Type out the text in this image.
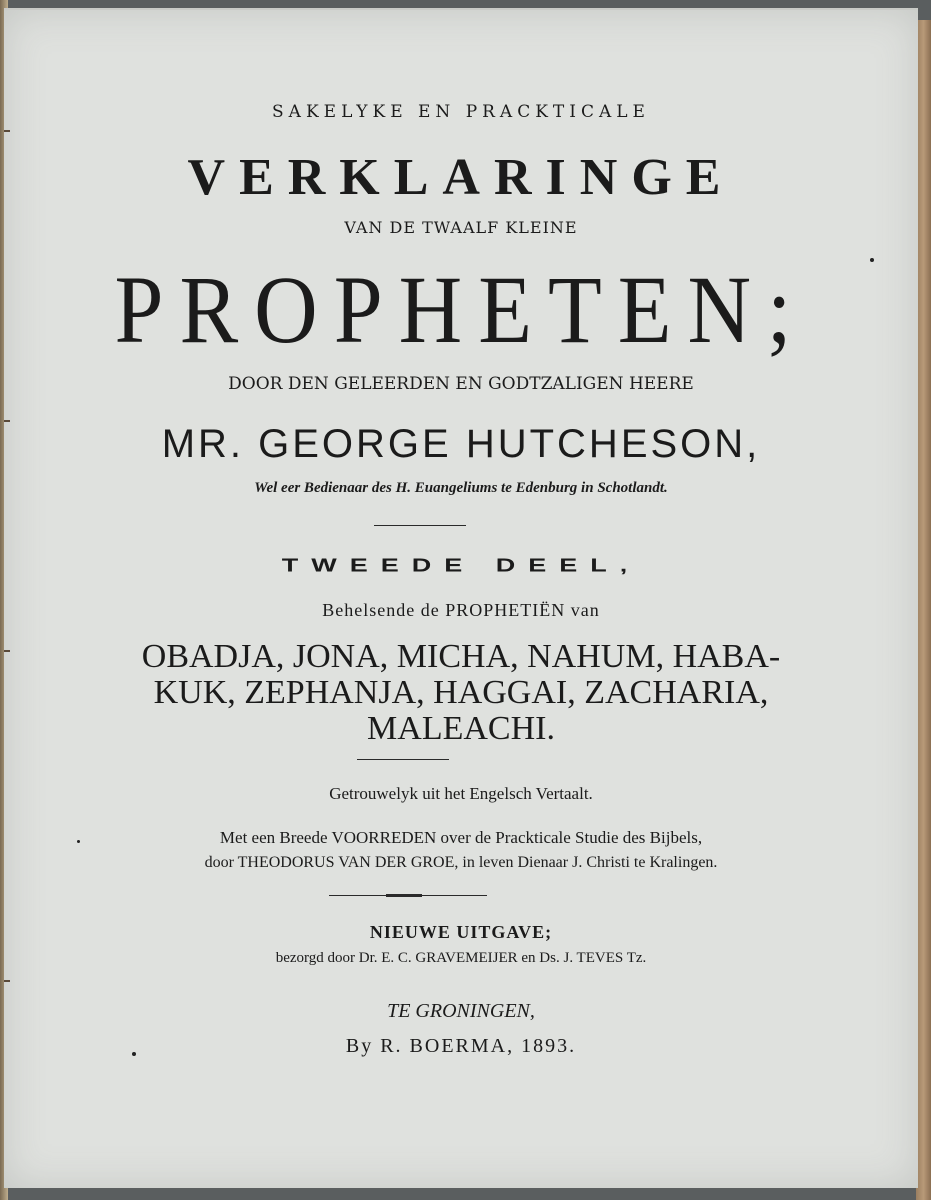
SAKELYKE EN PRACKTICALE
VERKLARINGE
VAN DE TWAALF KLEINE
PROPHETEN;
DOOR DEN GELEERDEN EN GODTZALIGEN HEERE
MR. GEORGE HUTCHESON,
Wel eer Bedienaar des H. Euangeliums te Edenburg in Schotlandt.
TWEEDE DEEL,
Behelsende de PROPHETIËN van
OBADJA, JONA, MICHA, NAHUM, HABA-
KUK, ZEPHANJA, HAGGAI, ZACHARIA,
MALEACHI.
Getrouwelyk uit het Engelsch Vertaalt.
Met een Breede VOORREDEN over de Prackticale Studie des Bijbels,
door THEODORUS VAN DER GROE, in leven Dienaar J. Christi te Kralingen.
NIEUWE UITGAVE;
bezorgd door Dr. E. C. GRAVEMEIJER en Ds. J. TEVES Tz.
TE GRONINGEN,
By R. BOERMA, 1893.
